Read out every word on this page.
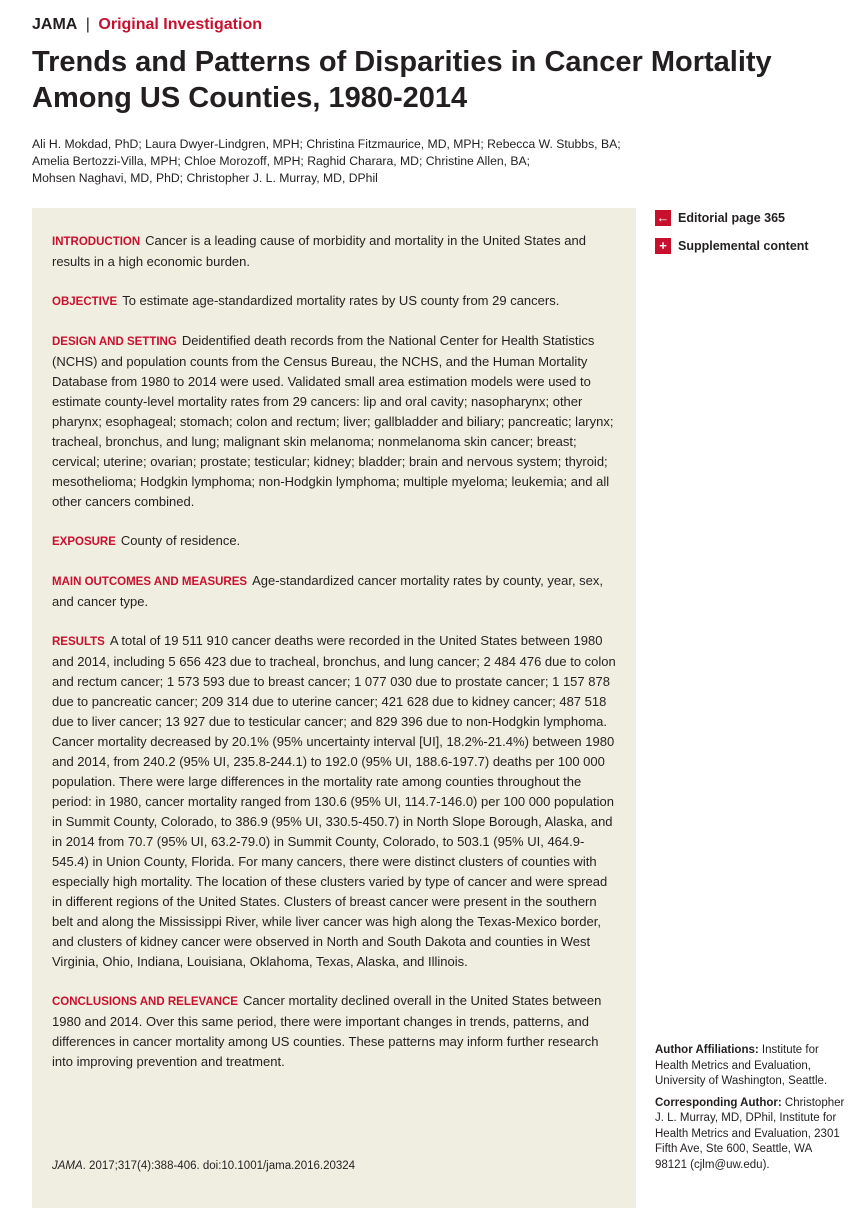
JAMA | Original Investigation
Trends and Patterns of Disparities in Cancer Mortality Among US Counties, 1980-2014
Ali H. Mokdad, PhD; Laura Dwyer-Lindgren, MPH; Christina Fitzmaurice, MD, MPH; Rebecca W. Stubbs, BA;
Amelia Bertozzi-Villa, MPH; Chloe Morozoff, MPH; Raghid Charara, MD; Christine Allen, BA;
Mohsen Naghavi, MD, PhD; Christopher J. L. Murray, MD, DPhil

INTRODUCTION Cancer is a leading cause of morbidity and mortality in the United States and results in a high economic burden.

OBJECTIVE To estimate age-standardized mortality rates by US county from 29 cancers.

DESIGN AND SETTING Deidentified death records from the National Center for Health Statistics (NCHS) and population counts from the Census Bureau, the NCHS, and the Human Mortality Database from 1980 to 2014 were used. Validated small area estimation models were used to estimate county-level mortality rates from 29 cancers: lip and oral cavity; nasopharynx; other pharynx; esophageal; stomach; colon and rectum; liver; gallbladder and biliary; pancreatic; larynx; tracheal, bronchus, and lung; malignant skin melanoma; nonmelanoma skin cancer; breast; cervical; uterine; ovarian; prostate; testicular; kidney; bladder; brain and nervous system; thyroid; mesothelioma; Hodgkin lymphoma; non-Hodgkin lymphoma; multiple myeloma; leukemia; and all other cancers combined.

EXPOSURE County of residence.

MAIN OUTCOMES AND MEASURES Age-standardized cancer mortality rates by county, year, sex, and cancer type.

RESULTS A total of 19 511 910 cancer deaths were recorded in the United States between 1980 and 2014, including 5 656 423 due to tracheal, bronchus, and lung cancer; 2 484 476 due to colon and rectum cancer; 1 573 593 due to breast cancer; 1 077 030 due to prostate cancer; 1 157 878 due to pancreatic cancer; 209 314 due to uterine cancer; 421 628 due to kidney cancer; 487 518 due to liver cancer; 13 927 due to testicular cancer; and 829 396 due to non-Hodgkin lymphoma. Cancer mortality decreased by 20.1% (95% uncertainty interval [UI], 18.2%-21.4%) between 1980 and 2014, from 240.2 (95% UI, 235.8-244.1) to 192.0 (95% UI, 188.6-197.7) deaths per 100 000 population. There were large differences in the mortality rate among counties throughout the period: in 1980, cancer mortality ranged from 130.6 (95% UI, 114.7-146.0) per 100 000 population in Summit County, Colorado, to 386.9 (95% UI, 330.5-450.7) in North Slope Borough, Alaska, and in 2014 from 70.7 (95% UI, 63.2-79.0) in Summit County, Colorado, to 503.1 (95% UI, 464.9-545.4) in Union County, Florida. For many cancers, there were distinct clusters of counties with especially high mortality. The location of these clusters varied by type of cancer and were spread in different regions of the United States. Clusters of breast cancer were present in the southern belt and along the Mississippi River, while liver cancer was high along the Texas-Mexico border, and clusters of kidney cancer were observed in North and South Dakota and counties in West Virginia, Ohio, Indiana, Louisiana, Oklahoma, Texas, Alaska, and Illinois.

CONCLUSIONS AND RELEVANCE Cancer mortality declined overall in the United States between 1980 and 2014. Over this same period, there were important changes in trends, patterns, and differences in cancer mortality among US counties. These patterns may inform further research into improving prevention and treatment.

JAMA. 2017;317(4):388-406. doi:10.1001/jama.2016.20324
← Editorial page 365
+ Supplemental content

Author Affiliations: Institute for Health Metrics and Evaluation, University of Washington, Seattle.

Corresponding Author: Christopher J. L. Murray, MD, DPhil, Institute for Health Metrics and Evaluation, 2301 Fifth Ave, Ste 600, Seattle, WA 98121 (cjlm@uw.edu).
